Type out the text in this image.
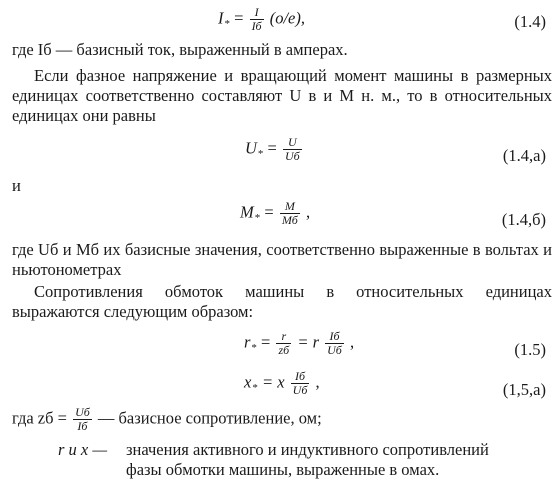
$I_* = \frac{I}{Iб} (о/е)$,	(1.4)
где Iб — базисный ток, выраженный в амперах.
Если фазное напряжение и вращающий момент машины в размерных единицах соответственно составляют U в и M н. м., то в относительных единицах они равны
$U_* = \frac{U}{Uб}$	(1.4,а)
и
$M_* = \frac{M}{Mб}$ ,	(1.4,б)
где Uб и Mб их базисные значения, соответственно выраженные в вольтах и ньютонометрах
Сопротивления обмоток машины в относительных единицах выражаются следующим образом:
$r_* = \frac{r}{zб} = r \frac{Iб}{Uб}$ ,	(1.5)
$x_* = x \frac{Iб}{Uб}$ ,	(1,5,а)
гда zб = $\frac{Uб}{Iб}$ — базисное сопротивление, ом;
r и x — значения активного и индуктивного сопротивлений
фазы обмотки машины, выраженные в омах.
